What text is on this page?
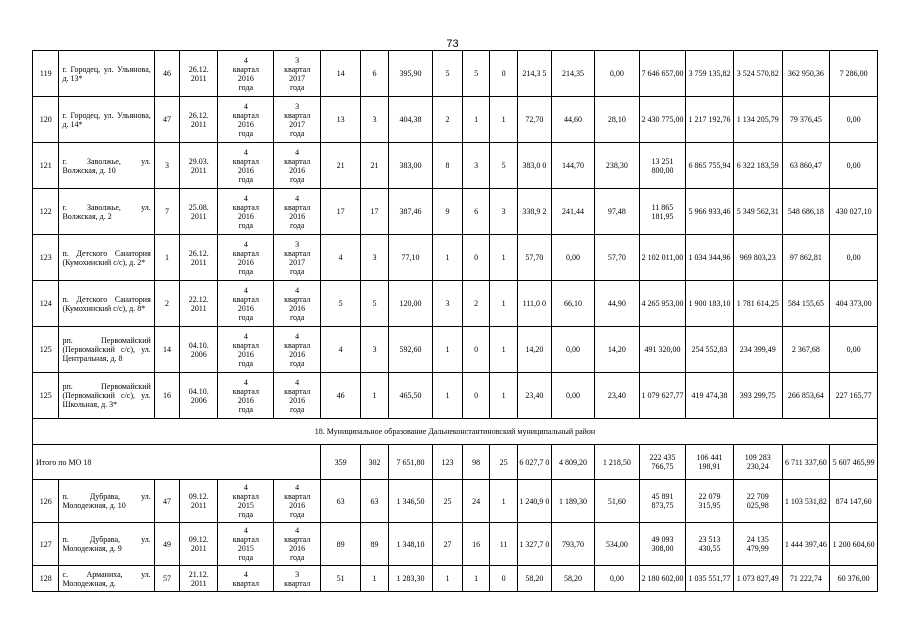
73
119	г. Городец, ул. Ульянова, д. 13*	46	26.12. 2011	4
квартал
2016
года	3
квартал
2017
года	14	6	395,90	5	5	0	214,3 5	214,35	0,00	7 646 657,00	3 759 135,82	3 524 570,82	362 950,36	7 286,00
120	г. Городец, ул. Ульянова, д. 14*	47	26.12. 2011	4
квартал
2016
года	3
квартал
2017
года	13	3	404,38	2	1	1	72,70	44,60	28,10	2 430 775,00	1 217 192,76	1 134 205,79	79 376,45	0,00
121	г. Заволжье, ул. Волжская, д. 10	3	29.03. 2011	4
квартал
2016
года	4
квартал
2016
года	21	21	383,00	8	3	5	383,0 0	144,70	238,30	13 251 800,00	6 865 755,94	6 322 183,59	63 860,47	0,00
122	г. Заволжье, ул. Волжская, д. 2	7	25.08. 2011	4
квартал
2016
года	4
квартал
2016
года	17	17	387,46	9	6	3	338,9 2	241,44	97,48	11 865 181,95	5 966 933,46	5 349 562,31	548 686,18	430 027,10
123	п. Детского Санатория (Кумохинский с/с), д. 2*	1	26.12. 2011	4
квартал
2016
года	3
квартал
2017
года	4	3	77,10	1	0	1	57,70	0,00	57,70	2 102 011,00	1 034 344,96	969 803,23	97 862,81	0,00
124	п. Детского Санатория (Кумохинский с/с), д. 8*	2	22.12. 2011	4
квартал
2016
года	4
квартал
2016
года	5	5	120,00	3	2	1	111,0 0	66,10	44,90	4 265 953,00	1 900 183,10	1 781 614,25	584 155,65	404 373,00
125	рп. Первомайский (Первомайский с/с), ул. Центральная, д. 8	14	04.10. 2006	4
квартал
2016
года	4
квартал
2016
года	4	3	592,60	1	0	1	14,20	0,00	14,20	491 320,00	254 552,83	234 399,49	2 367,68	0,00
125	рп. Первомайский (Первомайский с/с), ул. Школьная, д. 3*	16	04.10. 2006	4
квартал
2016
года	4
квартал
2016
года	46	1	465,50	1	0	1	23,40	0,00	23,40	1 079 627,77	419 474,38	393 299,75	266 853,64	227 165,77
18. Муниципальное образование Дальнеконстантиновский муниципальный район																			
Итого по МО 18						359	302	7 651,80	123	98	25	6 027,7 0	4 809,20	1 218,50	222 435 766,75	106 441 198,91	109 283 230,24	6 711 337,60	5 607 465,99
126	п. Дубрава, ул. Молодежная, д. 10	47	09.12. 2011	4
квартал
2015
года	4
квартал
2016
года	63	63	1 346,50	25	24	1	1 240,9 0	1 189,30	51,60	45 891 873,75	22 079 315,95	22 709 025,98	1 103 531,82	874 147,60
127	п. Дубрава, ул. Молодежная, д. 9	49	09.12. 2011	4
квартал
2015
года	4
квартал
2016
года	89	89	1 348,10	27	16	11	1 327,7 0	793,70	534,00	49 093 308,00	23 513 430,55	24 135 479,99	1 444 397,46	1 200 604,60
128	с. Арманиха, ул. Молодежная, д.	57	21.12. 2011	4
квартал	3
квартал	51	1	1 283,30	1	1	0	58,20	58,20	0,00	2 180 602,00	1 035 551,77	1 073 827,49	71 222,74	60 376,00
